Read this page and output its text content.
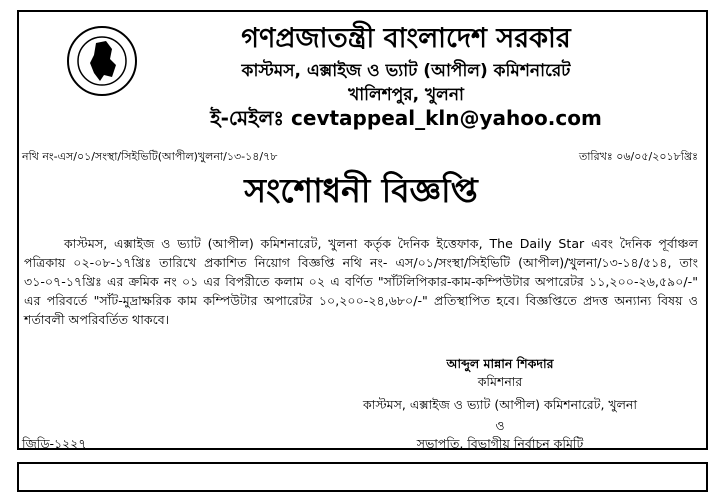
গণপ্রজাতন্ত্রী বাংলাদেশ সরকার
কাস্টমস, এক্সাইজ ও ভ্যাট (আপীল) কমিশনারেট
খালিশপুর, খুলনা
ই-মেইলঃ cevtappeal_kln@yahoo.com
নথি নং-এস/০১/সংস্থা/সিইভিটি(আপীল)খুলনা/১৩-১৪/৭৮	তারিখঃ ০৬/০৫/২০১৮খ্রিঃ
সংশোধনী বিজ্ঞপ্তি
কাস্টমস, এক্সাইজ ও ভ্যাট (আপীল) কমিশনারেট, খুলনা কর্তৃক দৈনিক ইত্তেফাক, The Daily Star এবং দৈনিক পূর্বাঞ্চল পত্রিকায় ০২-০৮-১৭খ্রিঃ তারিখে প্রকাশিত নিয়োগ বিজ্ঞপ্তি নথি নং- এস/০১/সংস্থা/সিইভিটি (আপীল)/খুলনা/১৩-১৪/৫১৪, তাং ৩১-০৭-১৭খ্রিঃ এর ক্রমিক নং ০১ এর বিপরীতে কলাম ০২ এ বর্ণিত "সাঁটলিপিকার-কাম-কম্পিউটার অপারেটর ১১,২০০-২৬,৫৯০/-" এর পরিবর্তে "সাঁট-মুদ্রাক্ষরিক কাম কম্পিউটার অপারেটর ১০,২০০-২৪,৬৮০/-" প্রতিস্থাপিত হবে। বিজ্ঞপ্তিতে প্রদত্ত অন্যান্য বিষয় ও শর্তাবলী অপরিবর্তিত থাকবে।
আব্দুল মান্নান শিকদার
কমিশনার
কাস্টমস, এক্সাইজ ও ভ্যাট (আপীল) কমিশনারেট, খুলনা
ও
সভাপতি, বিভাগীয় নির্বাচন কমিটি
জিডি-১২২৭
